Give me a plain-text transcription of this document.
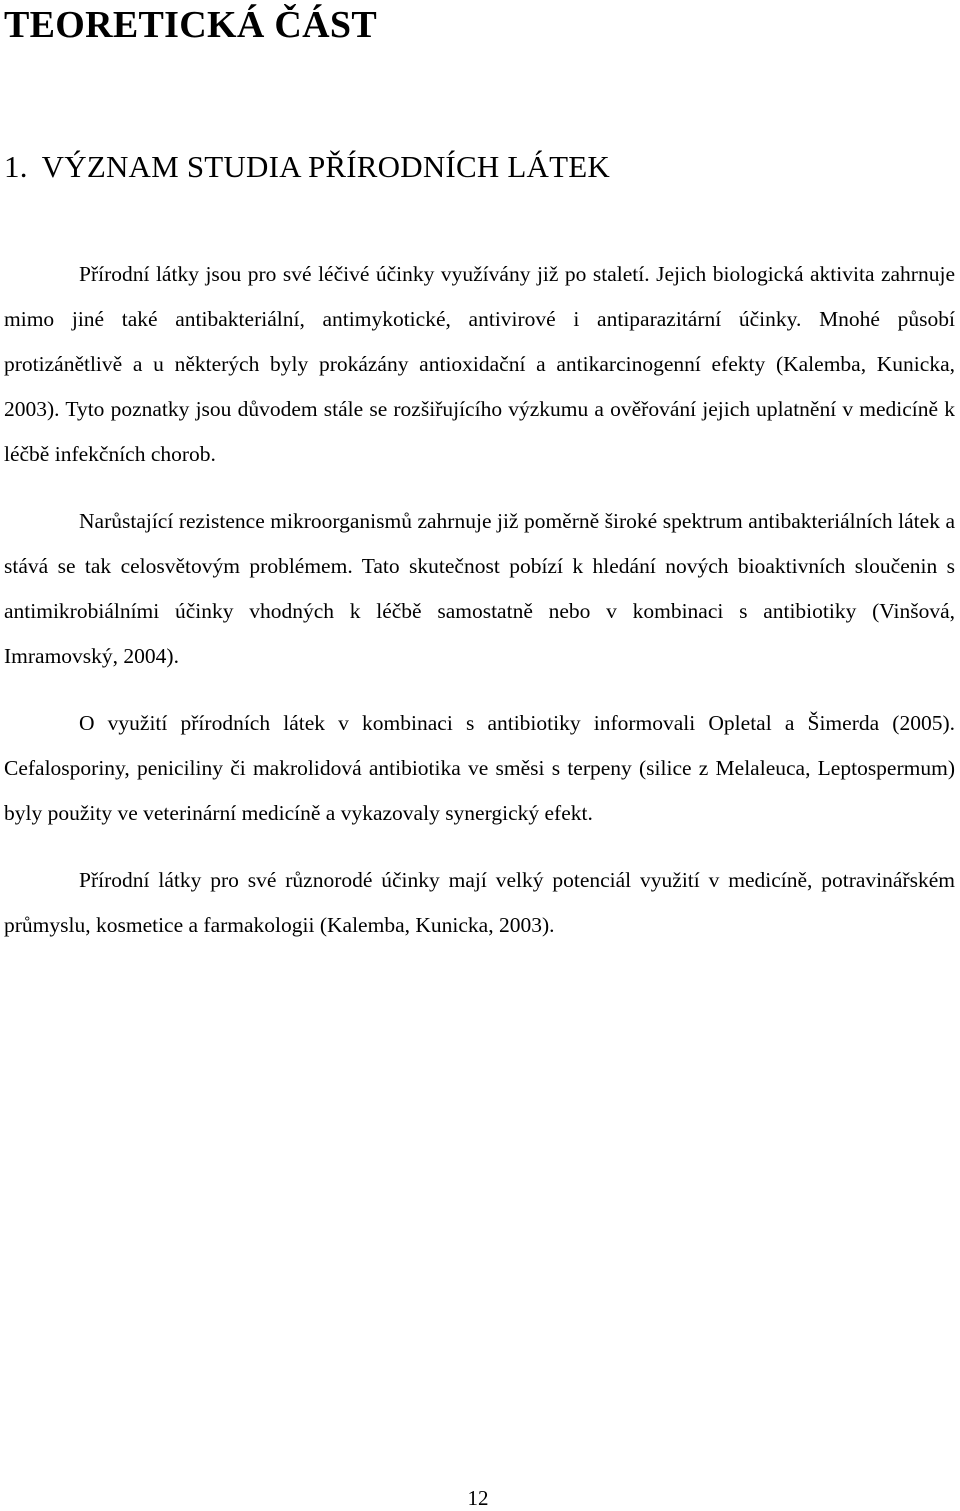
TEORETICKÁ ČÁST
1. VÝZNAM STUDIA PŘÍRODNÍCH LÁTEK

Přírodní látky jsou pro své léčivé účinky využívány již po staletí. Jejich biologická aktivita zahrnuje mimo jiné také antibakteriální, antimykotické, antivirové i antiparazitární účinky. Mnohé působí protizánětlivě a u některých byly prokázány antioxidační a antikarcinogenní efekty (Kalemba, Kunicka, 2003). Tyto poznatky jsou důvodem stále se rozšiřujícího výzkumu a ověřování jejich uplatnění v medicíně k léčbě infekčních chorob.

Narůstající rezistence mikroorganismů zahrnuje již poměrně široké spektrum antibakteriálních látek a stává se tak celosvětovým problémem. Tato skutečnost pobízí k hledání nových bioaktivních sloučenin s antimikrobiálními účinky vhodných k léčbě samostatně nebo v kombinaci s antibiotiky (Vinšová, Imramovský, 2004).

O využití přírodních látek v kombinaci s antibiotiky informovali Opletal a Šimerda (2005). Cefalosporiny, peniciliny či makrolidová antibiotika ve směsi s terpeny (silice z Melaleuca, Leptospermum) byly použity ve veterinární medicíně a vykazovaly synergický efekt.

Přírodní látky pro své různorodé účinky mají velký potenciál využití v medicíně, potravinářském průmyslu, kosmetice a farmakologii (Kalemba, Kunicka, 2003).

12
